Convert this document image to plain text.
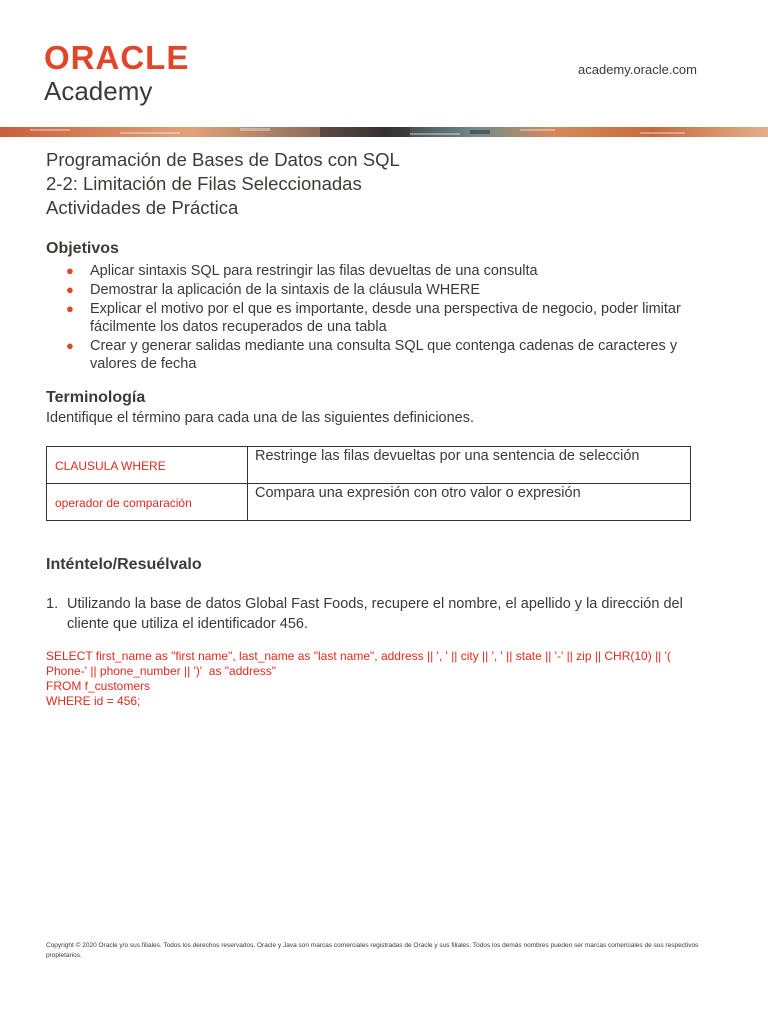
ORACLE
Academy
academy.oracle.com
Programación de Bases de Datos con SQL
2-2: Limitación de Filas Seleccionadas
Actividades de Práctica
Objetivos
● Aplicar sintaxis SQL para restringir las filas devueltas de una consulta
● Demostrar la aplicación de la sintaxis de la cláusula WHERE
● Explicar el motivo por el que es importante, desde una perspectiva de negocio, poder limitar fácilmente los datos recuperados de una tabla
● Crear y generar salidas mediante una consulta SQL que contenga cadenas de caracteres y valores de fecha
Terminología
Identifique el término para cada una de las siguientes definiciones.
CLAUSULA WHERE	Restringe las filas devueltas por una sentencia de selección

operador de comparación	Compara una expresión con otro valor o expresión
Inténtelo/Resuélvalo
1. Utilizando la base de datos Global Fast Foods, recupere el nombre, el apellido y la dirección del cliente que utiliza el identificador 456.
SELECT first_name as "first name", last_name as "last name", address || ', ' || city || ', ' || state || '-' || zip || CHR(10) || '(
Phone-' || phone_number || ')'  as "address"
FROM f_customers
WHERE id = 456;
Copyright © 2020 Oracle y/o sus filiales. Todos los derechos reservados. Oracle y Java son marcas comerciales registradas de Oracle y sus filiales. Todos los demás nombres pueden ser marcas comerciales de sus respectivos propietarios.
